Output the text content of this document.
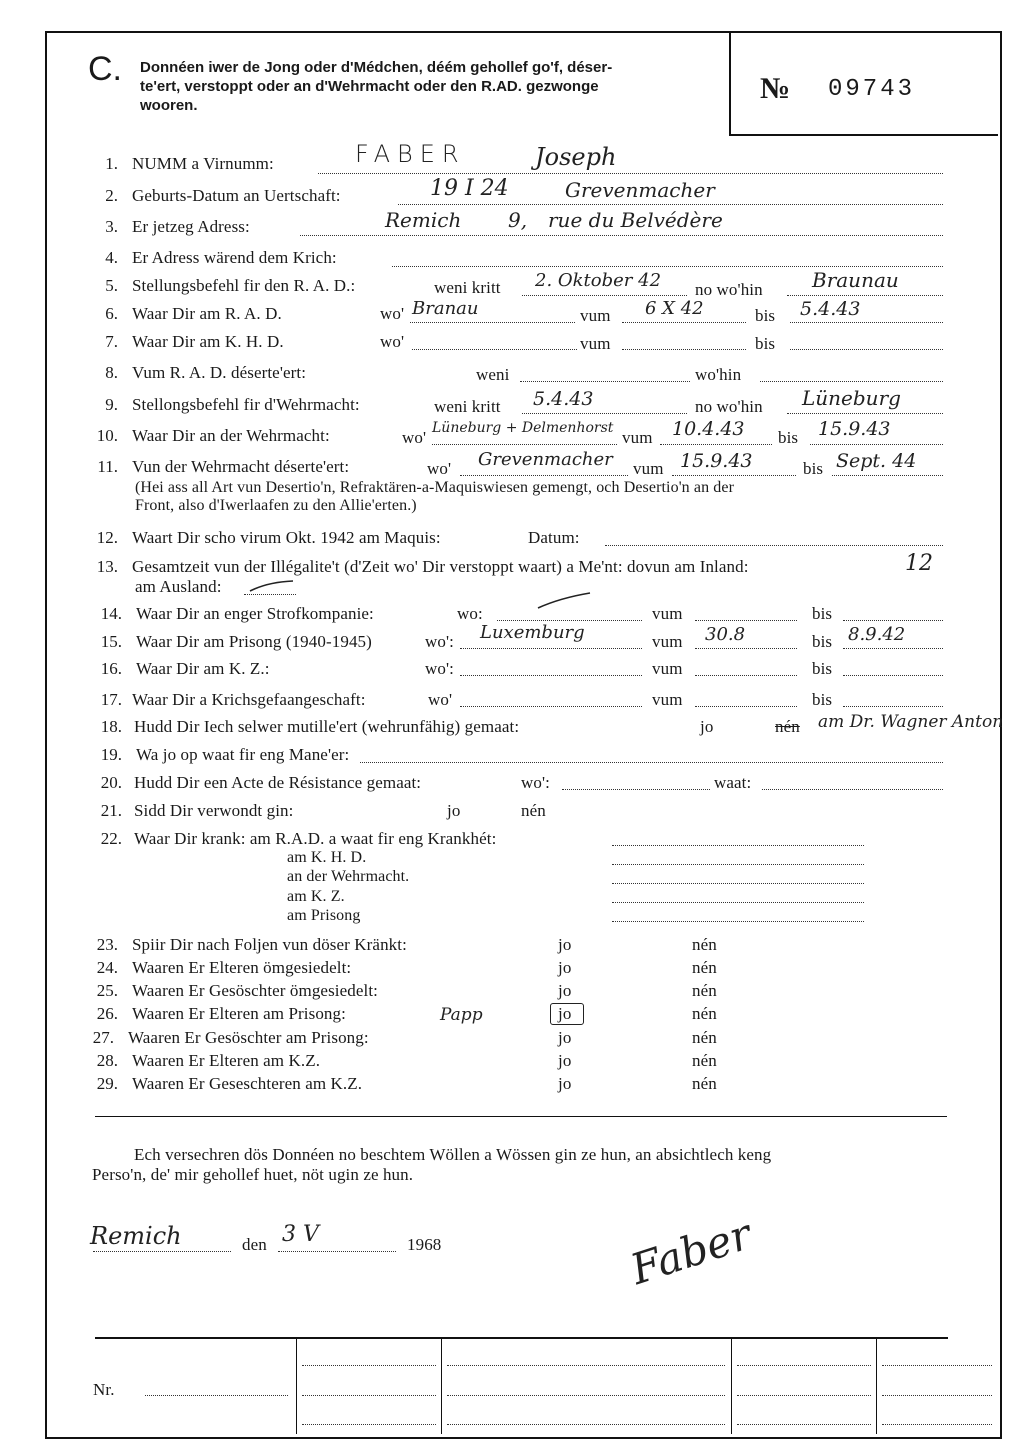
C. Donnéen iwer de Jong oder d'Médchen, déém gehollef go'f, déser-
te'ert, verstoppt oder an d'Wehrmacht oder den R.AD. gezwonge
wooren.
№ 09743
1. NUMM a Virnumm:	FABER	Joseph
2. Geburts-Datum an Uertschaft:	19 I 24	Grevenmacher
3. Er jetzeg Adress:	Remich 9, rue du Belvédère
4. Er Adress wärend dem Krich:
5. Stellungsbefehl fir den R. A. D.:	weni kritt 2. Oktober 42 no wo'hin Braunau
6. Waar Dir am R. A. D.	wo' Branau	vum 6 X 42	bis 5.4.43
7. Waar Dir am K. H. D.	wo'	vum	bis
8. Vum R. A. D. déserte'ert:	weni	wo'hin
9. Stellongsbefehl fir d'Wehrmacht:	weni kritt 5.4.43	no wo'hin Lüneburg
10. Waar Dir an der Wehrmacht:	wo' Lüneburg + Delmenhorst vum 10.4.43 bis 15.9.43
11. Vun der Wehrmacht déserte'ert:	wo' Grevenmacher vum 15.9.43	bis Sept. 44
(Hei ass all Art vun Desertio'n, Refraktären-a-Maquiswiesen gemengt, och Desertio'n an der
Front, also d'Iwerlaafen zu den Allie'erten.)
12. Waart Dir scho virum Okt. 1942 am Maquis:	Datum:
13. Gesamtzeit vun der Illégalite't (d'Zeit wo' Dir verstoppt waart) a Me'nt: dovun am Inland:	12
am Ausland:
14. Waar Dir an enger Strofkompanie:	wo:	vum	bis
15. Waar Dir am Prisong (1940-1945)	wo': Luxemburg	vum 30.8	bis 8.9.42
16. Waar Dir am K. Z.:	wo':	vum	bis
17. Waar Dir a Krichsgefaangeschaft:	wo'	vum	bis
18. Hudd Dir Iech selwer mutille'ert (wehrunfähig) gemaat:	jo	nén am Dr. Wagner Anton
19. Wa jo op waat fir eng Mane'er:
20. Hudd Dir een Acte de Résistance gemaat:	wo':	waat:
21. Sidd Dir verwondt gin:	jo	nén
22. Waar Dir krank: am R.A.D. a waat fir eng Krankhét:
am K. H. D.
an der Wehrmacht.
am K. Z.
am Prisong
23. Spiir Dir nach Foljen vun döser Kränkt:	jo	nén
24. Waaren Er Elteren ömgesiedelt:	jo	nén
25. Waaren Er Gesöschter ömgesiedelt:	jo	nén
26. Waaren Er Elteren am Prisong:	Papp	jo	nén
27. Waaren Er Gesöschter am Prisong:	jo	nén
28. Waaren Er Elteren am K.Z.	jo	nén
29. Waaren Er Geseschteren am K.Z.	jo	nén
Ech versechren dös Donnéen no beschtem Wöllen a Wössen gin ze hun, an absichtlech keng
Perso'n, de' mir gehollef huet, nöt ugin ze hun.
Remich	den 3 V	1968	Faber
Nr.
